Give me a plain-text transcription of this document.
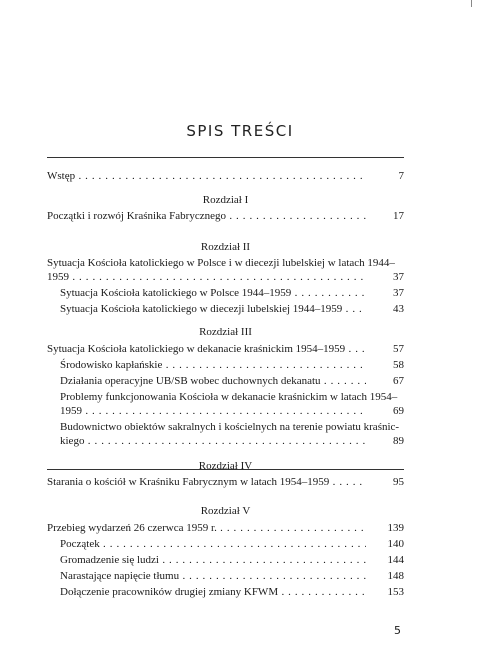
SPIS TREŚCI
Wstęp . . .	7
Rozdział I
Początki i rozwój Kraśnika Fabrycznego . . .	17
Rozdział II
Sytuacja Kościoła katolickiego w Polsce i w diecezji lubelskiej w latach 1944–
1959 . . .	37
Sytuacja Kościoła katolickiego w Polsce 1944–1959 . . .	37
Sytuacja Kościoła katolickiego w diecezji lubelskiej 1944–1959 . . .	43
Rozdział III
Sytuacja Kościoła katolickiego w dekanacie kraśnickim 1954–1959 . . .	57
Środowisko kapłańskie . . .	58
Działania operacyjne UB/SB wobec duchownych dekanatu . . .	67
Problemy funkcjonowania Kościoła w dekanacie kraśnickim w latach 1954–
1959 . . .	69
Budownictwo obiektów sakralnych i kościelnych na terenie powiatu kraśnic-
kiego . . .	89
Rozdział IV
Starania o kościół w Kraśniku Fabrycznym w latach 1954–1959 . . .	95
Rozdział V
Przebieg wydarzeń 26 czerwca 1959 r. . . .	139
Początek . . .	140
Gromadzenie się ludzi . . .	144
Narastające napięcie tłumu . . .	148
Dołączenie pracowników drugiej zmiany KFWM . . .	153
5
